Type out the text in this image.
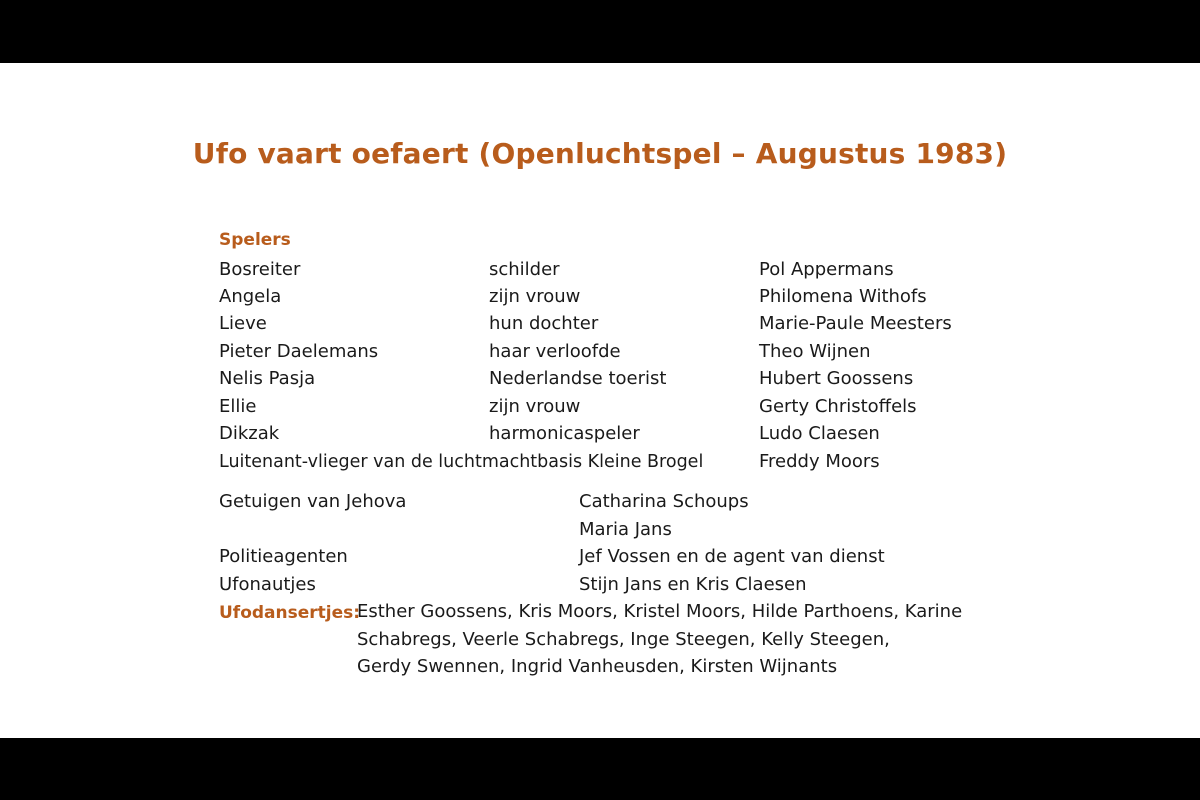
Ufo vaart oefaert (Openluchtspel – Augustus 1983)
Spelers
Bosreiter	schilder	Pol Appermans
Angela	zijn vrouw	Philomena Withofs
Lieve	hun dochter	Marie-Paule Meesters
Pieter Daelemans	haar verloofde	Theo Wijnen
Nelis Pasja	Nederlandse toerist	Hubert Goossens
Ellie	zijn vrouw	Gerty Christoffels
Dikzak	harmonicaspeler	Ludo Claesen
Luitenant-vlieger van de luchtmachtbasis Kleine Brogel	Freddy Moors
Getuigen van Jehova	Catharina Schoups
Maria Jans
Politieagenten	Jef Vossen en de agent van dienst
Ufonautjes	Stijn Jans en Kris Claesen
Ufodansertjes:
Esther Goossens, Kris Moors, Kristel Moors, Hilde Parthoens, Karine
Schabregs, Veerle Schabregs, Inge Steegen, Kelly Steegen,
Gerdy Swennen, Ingrid Vanheusden, Kirsten Wijnants
